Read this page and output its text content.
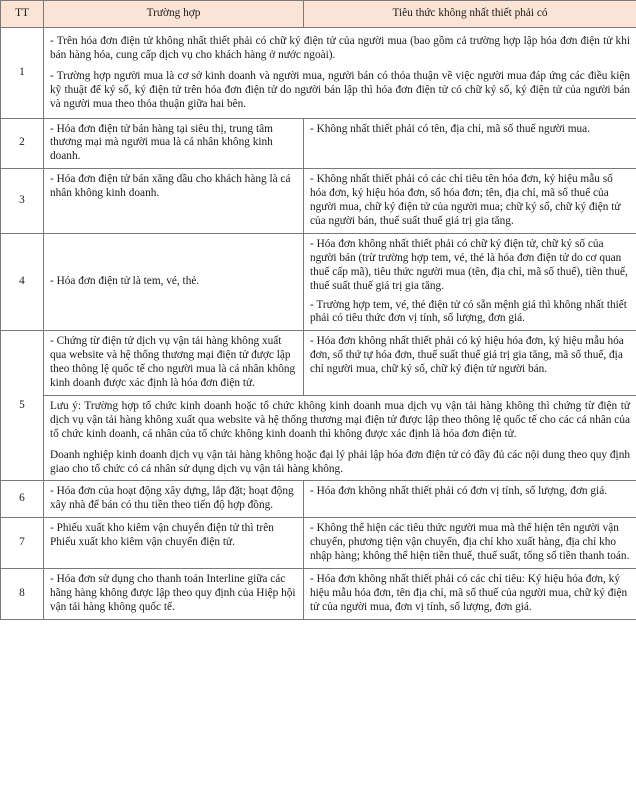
TT	Trường hợp	Tiêu thức không nhất thiết phải có
1	- Trên hóa đơn điện tử không nhất thiết phải có chữ ký điện tử của người mua (bao gồm cả trường hợp lập hóa đơn điện tử khi bán hàng hóa, cung cấp dịch vụ cho khách hàng ở nước ngoài).

- Trường hợp người mua là cơ sở kinh doanh và người mua, người bán có thỏa thuận về việc người mua đáp ứng các điều kiện kỹ thuật để ký số, ký điện tử trên hóa đơn điện tử do người bán lập thì hóa đơn điện tử có chữ ký số, ký điện tử của người bán và người mua theo thỏa thuận giữa hai bên.	

2	- Hóa đơn điện tử bán hàng tại siêu thị, trung tâm thương mại mà người mua là cá nhân không kinh doanh.	- Không nhất thiết phải có tên, địa chỉ, mã số thuế người mua.

3	- Hóa đơn điện tử bán xăng dầu cho khách hàng là cá nhân không kinh doanh.	- Không nhất thiết phải có các chỉ tiêu tên hóa đơn, ký hiệu mẫu số hóa đơn, ký hiệu hóa đơn, số hóa đơn; tên, địa chỉ, mã số thuế của người mua, chữ ký điện tử của người mua; chữ ký số, chữ ký điện tử của người bán, thuế suất thuế giá trị gia tăng.

4	- Hóa đơn điện tử là tem, vé, thẻ.	- Hóa đơn không nhất thiết phải có chữ ký điện tử, chữ ký số của người bán (trừ trường hợp tem, vé, thẻ là hóa đơn điện tử do cơ quan thuế cấp mã), tiêu thức người mua (tên, địa chỉ, mã số thuế), tiền thuế, thuế suất thuế giá trị gia tăng.

- Trường hợp tem, vé, thẻ điện tử có sẵn mệnh giá thì không nhất thiết phải có tiêu thức đơn vị tính, số lượng, đơn giá.

5	- Chứng từ điện tử dịch vụ vận tải hàng không xuất qua website và hệ thống thương mại điện tử được lập theo thông lệ quốc tế cho người mua là cá nhân không kinh doanh được xác định là hóa đơn điện tử.	- Hóa đơn không nhất thiết phải có ký hiệu hóa đơn, ký hiệu mẫu hóa đơn, số thứ tự hóa đơn, thuế suất thuế giá trị gia tăng, mã số thuế, địa chỉ người mua, chữ ký số, chữ ký điện tử người bán.

	Lưu ý: Trường hợp tổ chức kinh doanh hoặc tổ chức không kinh doanh mua dịch vụ vận tải hàng không thì chứng từ điện tử dịch vụ vận tải hàng không xuất qua website và hệ thống thương mại điện tử được lập theo thông lệ quốc tế cho các cá nhân của tổ chức kinh doanh, cá nhân của tổ chức không kinh doanh thì không được xác định là hóa đơn điện tử.

Doanh nghiệp kinh doanh dịch vụ vận tải hàng không hoặc đại lý phải lập hóa đơn điện tử có đầy đủ các nội dung theo quy định giao cho tổ chức có cá nhân sử dụng dịch vụ vận tải hàng không.	

6	- Hóa đơn của hoạt động xây dựng, lắp đặt; hoạt động xây nhà để bán có thu tiền theo tiến độ hợp đồng.	- Hóa đơn không nhất thiết phải có đơn vị tính, số lượng, đơn giá.

7	- Phiếu xuất kho kiêm vận chuyển điện tử thì trên Phiếu xuất kho kiêm vận chuyển điện tử.	- Không thể hiện các tiêu thức người mua mà thể hiện tên người vận chuyển, phương tiện vận chuyển, địa chỉ kho xuất hàng, địa chỉ kho nhập hàng; không thể hiện tiền thuế, thuế suất, tổng số tiền thanh toán.

8	- Hóa đơn sử dụng cho thanh toán Interline giữa các hãng hàng không được lập theo quy định của Hiệp hội vận tải hàng không quốc tế.	- Hóa đơn không nhất thiết phải có các chỉ tiêu: Ký hiệu hóa đơn, ký hiệu mẫu hóa đơn, tên địa chỉ, mã số thuế của người mua, chữ ký điện tử của người mua, đơn vị tính, số lượng, đơn giá.
